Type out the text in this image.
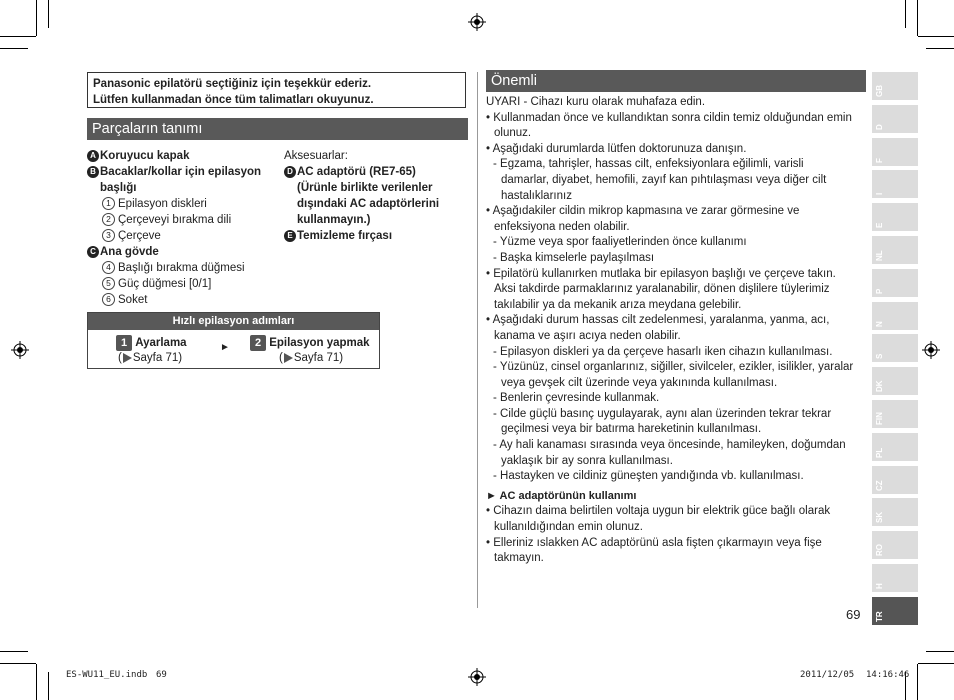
Panasonic epilatörü seçtiğiniz için teşekkür ederiz.
Lütfen kullanmadan önce tüm talimatları okuyunuz.
Parçaların tanımı
A Koruyucu kapak
B Bacaklar/kollar için epilasyon
başlığı
1 Epilasyon diskleri
2 Çerçeveyi bırakma dili
3 Çerçeve
C Ana gövde
4 Başlığı bırakma düğmesi
5 Güç düğmesi [0/1]
6 Soket
Aksesuarlar:
D AC adaptörü (RE7-65)
(Ürünle birlikte verilenler
dışındaki AC adaptörlerini
kullanmayın.)
E Temizleme fırçası
Hızlı epilasyon adımları
1 Ayarlama
( Sayfa 71)
►	2 Epilasyon yapmak
( Sayfa 71)
Önemli

UYARI - Cihazı kuru olarak muhafaza edin.

• Kullanmadan önce ve kullandıktan sonra cildin temiz olduğundan emin

olunuz.

• Aşağıdaki durumlarda lütfen doktorunuza danışın.

- Egzama, tahrişler, hassas cilt, enfeksiyonlara eğilimli, varisli

damarlar, diyabet, hemofili, zayıf kan pıhtılaşması veya diğer cilt

hastalıklarınız

• Aşağıdakiler cildin mikrop kapmasına ve zarar görmesine ve

enfeksiyona neden olabilir.

- Yüzme veya spor faaliyetlerinden önce kullanımı

- Başka kimselerle paylaşılması

• Epilatörü kullanırken mutlaka bir epilasyon başlığı ve çerçeve takın.

Aksi takdirde parmaklarınız yaralanabilir, dönen dişlilere tüylerimiz

takılabilir ya da mekanik arıza meydana gelebilir.

• Aşağıdaki durum hassas cilt zedelenmesi, yaralanma, yanma, acı,

kanama ve aşırı acıya neden olabilir.

- Epilasyon diskleri ya da çerçeve hasarlı iken cihazın kullanılması.

- Yüzünüz, cinsel organlarınız, siğiller, sivilceler, ezikler, isilikler, yaralar

veya gevşek cilt üzerinde veya yakınında kullanılması.

- Benlerin çevresinde kullanmak.

- Cilde güçlü basınç uygulayarak, aynı alan üzerinden tekrar tekrar

geçilmesi veya bir batırma hareketinin kullanılması.

- Ay hali kanaması sırasında veya öncesinde, hamileyken, doğumdan

yaklaşık bir ay sonra kullanılması.

- Hastayken ve cildiniz güneşten yandığında vb. kullanılması.

► AC adaptörünün kullanımı

• Cihazın daima belirtilen voltaja uygun bir elektrik güce bağlı olarak

kullanıldığından emin olunuz.

• Elleriniz ıslakken AC adaptörünü asla fişten çıkarmayın veya fişe

takmayın.

GB
D
F
I
E
NL
P
N
S
DK
FIN
PL
CZ
SK
RO
H
TR
69
ES-WU11_EU.indb 69	2011/12/05 14:16:46
